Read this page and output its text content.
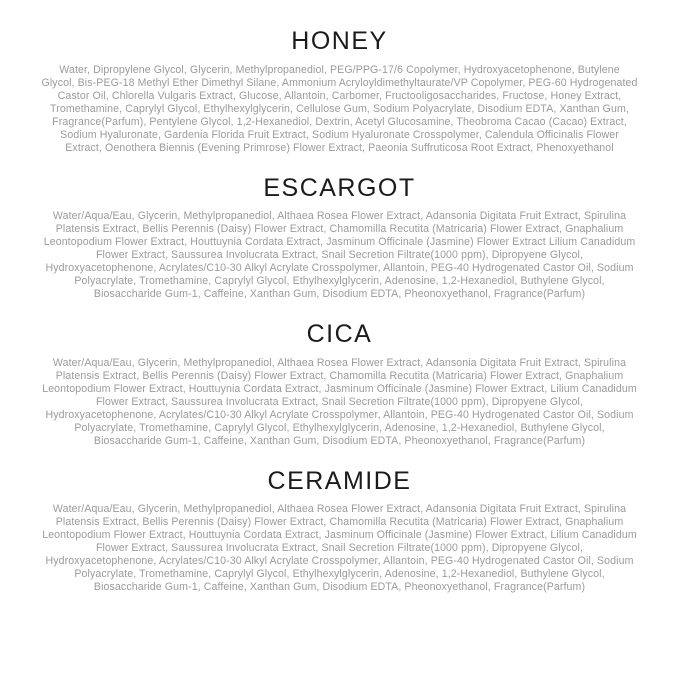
HONEY

Water, Dipropylene Glycol, Glycerin, Methylpropanediol, PEG/PPG-17/6 Copolymer, Hydroxyacetophenone, Butylene Glycol, Bis-PEG-18 Methyl Ether Dimethyl Silane, Ammonium Acryloyldimethyltaurate/VP Copolymer, PEG-60 Hydrogenated Castor Oil, Chlorella Vulgaris Extract, Glucose, Allantoin, Carbomer, Fructooligosaccharides, Fructose, Honey Extract, Tromethamine, Caprylyl Glycol, Ethylhexylglycerin, Cellulose Gum, Sodium Polyacrylate, Disodium EDTA, Xanthan Gum, Fragrance(Parfum), Pentylene Glycol, 1,2-Hexanediol, Dextrin, Acetyl Glucosamine, Theobroma Cacao (Cacao) Extract, Sodium Hyaluronate, Gardenia Florida Fruit Extract, Sodium Hyaluronate Crosspolymer, Calendula Officinalis Flower Extract, Oenothera Biennis (Evening Primrose) Flower Extract, Paeonia Suffruticosa Root Extract, Phenoxyethanol

ESCARGOT

Water/Aqua/Eau, Glycerin, Methylpropanediol, Althaea Rosea Flower Extract, Adansonia Digitata Fruit Extract, Spirulina Platensis Extract, Bellis Perennis (Daisy) Flower Extract, Chamomilla Recutita (Matricaria) Flower Extract, Gnaphalium Leontopodium Flower Extract, Houttuynia Cordata Extract, Jasminum Officinale (Jasmine) Flower Extract Lilium Canadidum Flower Extract, Saussurea Involucrata Extract, Snail Secretion Filtrate(1000 ppm), Dipropyene Glycol, Hydroxyacetophenone, Acrylates/C10-30 Alkyl Acrylate Crosspolymer, Allantoin, PEG-40 Hydrogenated Castor Oil, Sodium Polyacrylate, Tromethamine, Caprylyl Glycol, Ethylhexylglycerin, Adenosine, 1,2-Hexanediol, Buthylene Glycol, Biosaccharide Gum-1, Caffeine, Xanthan Gum, Disodium EDTA, Pheonoxyethanol, Fragrance(Parfum)

CICA

Water/Aqua/Eau, Glycerin, Methylpropanediol, Althaea Rosea Flower Extract, Adansonia Digitata Fruit Extract, Spirulina Platensis Extract, Bellis Perennis (Daisy) Flower Extract, Chamomilla Recutita (Matricaria) Flower Extract, Gnaphalium Leontopodium Flower Extract, Houttuynia Cordata Extract, Jasminum Officinale (Jasmine) Flower Extract, Lilium Canadidum Flower Extract, Saussurea Involucrata Extract, Snail Secretion Filtrate(1000 ppm), Dipropyene Glycol, Hydroxyacetophenone, Acrylates/C10-30 Alkyl Acrylate Crosspolymer, Allantoin, PEG-40 Hydrogenated Castor Oil, Sodium Polyacrylate, Tromethamine, Caprylyl Glycol, Ethylhexylglycerin, Adenosine, 1,2-Hexanediol, Buthylene Glycol, Biosaccharide Gum-1, Caffeine, Xanthan Gum, Disodium EDTA, Pheonoxyethanol, Fragrance(Parfum)

CERAMIDE

Water/Aqua/Eau, Glycerin, Methylpropanediol, Althaea Rosea Flower Extract, Adansonia Digitata Fruit Extract, Spirulina Platensis Extract, Bellis Perennis (Daisy) Flower Extract, Chamomilla Recutita (Matricaria) Flower Extract, Gnaphalium Leontopodium Flower Extract, Houttuynia Cordata Extract, Jasminum Officinale (Jasmine) Flower Extract, Lilium Canadidum Flower Extract, Saussurea Involucrata Extract, Snail Secretion Filtrate(1000 ppm), Dipropyene Glycol, Hydroxyacetophenone, Acrylates/C10-30 Alkyl Acrylate Crosspolymer, Allantoin, PEG-40 Hydrogenated Castor Oil, Sodium Polyacrylate, Tromethamine, Caprylyl Glycol, Ethylhexylglycerin, Adenosine, 1,2-Hexanediol, Buthylene Glycol, Biosaccharide Gum-1, Caffeine, Xanthan Gum, Disodium EDTA, Pheonoxyethanol, Fragrance(Parfum)
